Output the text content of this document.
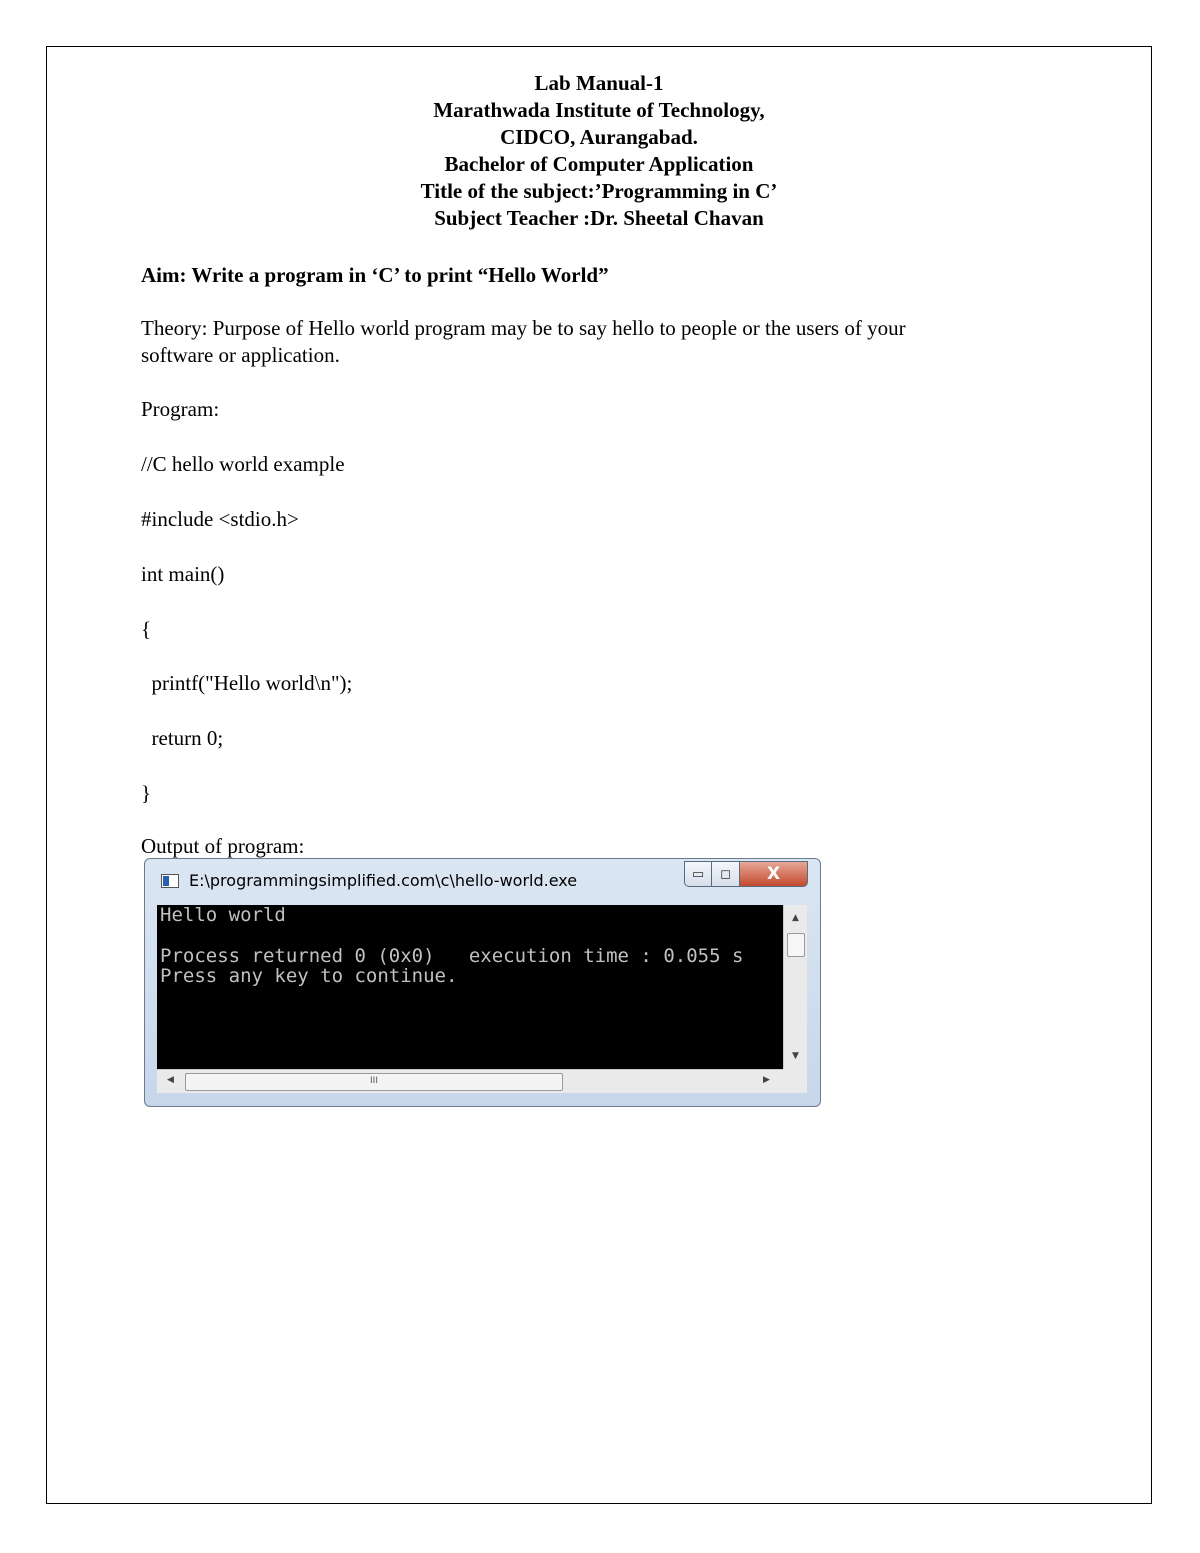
Lab Manual-1
Marathwada Institute of Technology,
CIDCO, Aurangabad.
Bachelor of Computer Application
Title of the subject:’Programming in C’
Subject Teacher :Dr. Sheetal Chavan
Aim: Write a program in ‘C’ to print “Hello World”
Theory: Purpose of Hello world program may be to say hello to people or the users of your
software or application.
Program:
//C hello world example
#include <stdio.h>
int main()
{
printf("Hello world\n");
return 0;
}
Output of program:
E:\programmingsimplified.com\c\hello-world.exe	▭	◻	X
Hello world
Process returned 0 (0x0)   execution time : 0.055 s
Press any key to continue.
▲
▼
◀	III	▶
